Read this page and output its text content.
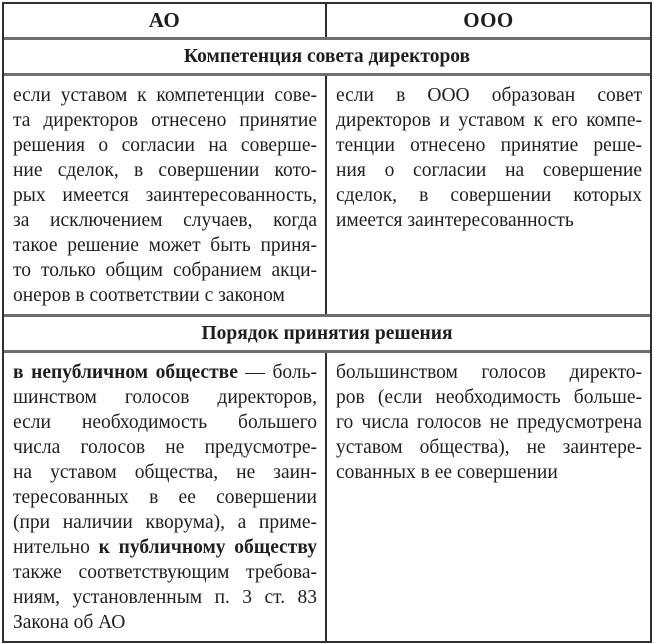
АО	ООО
Компетенция совета директоров
если уставом к компетенции сове-
та директоров отнесено принятие
решения о согласии на соверше-
ние сделок, в совершении кото-
рых имеется заинтересованность,
за исключением случаев, когда
такое решение может быть приня-
то только общим собранием акци-
онеров в соответствии с законом
если в ООО образован совет
директоров и уставом к его компе-
тенции отнесено принятие реше-
ния о согласии на совершение
сделок, в совершении которых
имеется заинтересованность
Порядок принятия решения
в непубличном обществе — боль-
шинством голосов директоров,
если необходимость большего
числа голосов не предусмотре-
на уставом общества, не заин-
тересованных в ее совершении
(при наличии кворума), а приме-
нительно к публичному обществу
также соответствующим требова-
ниям, установленным п. 3 ст. 83
Закона об АО
большинством голосов директо-
ров (если необходимость больше-
го числа голосов не предусмотрена
уставом общества), не заинтере-
сованных в ее совершении
